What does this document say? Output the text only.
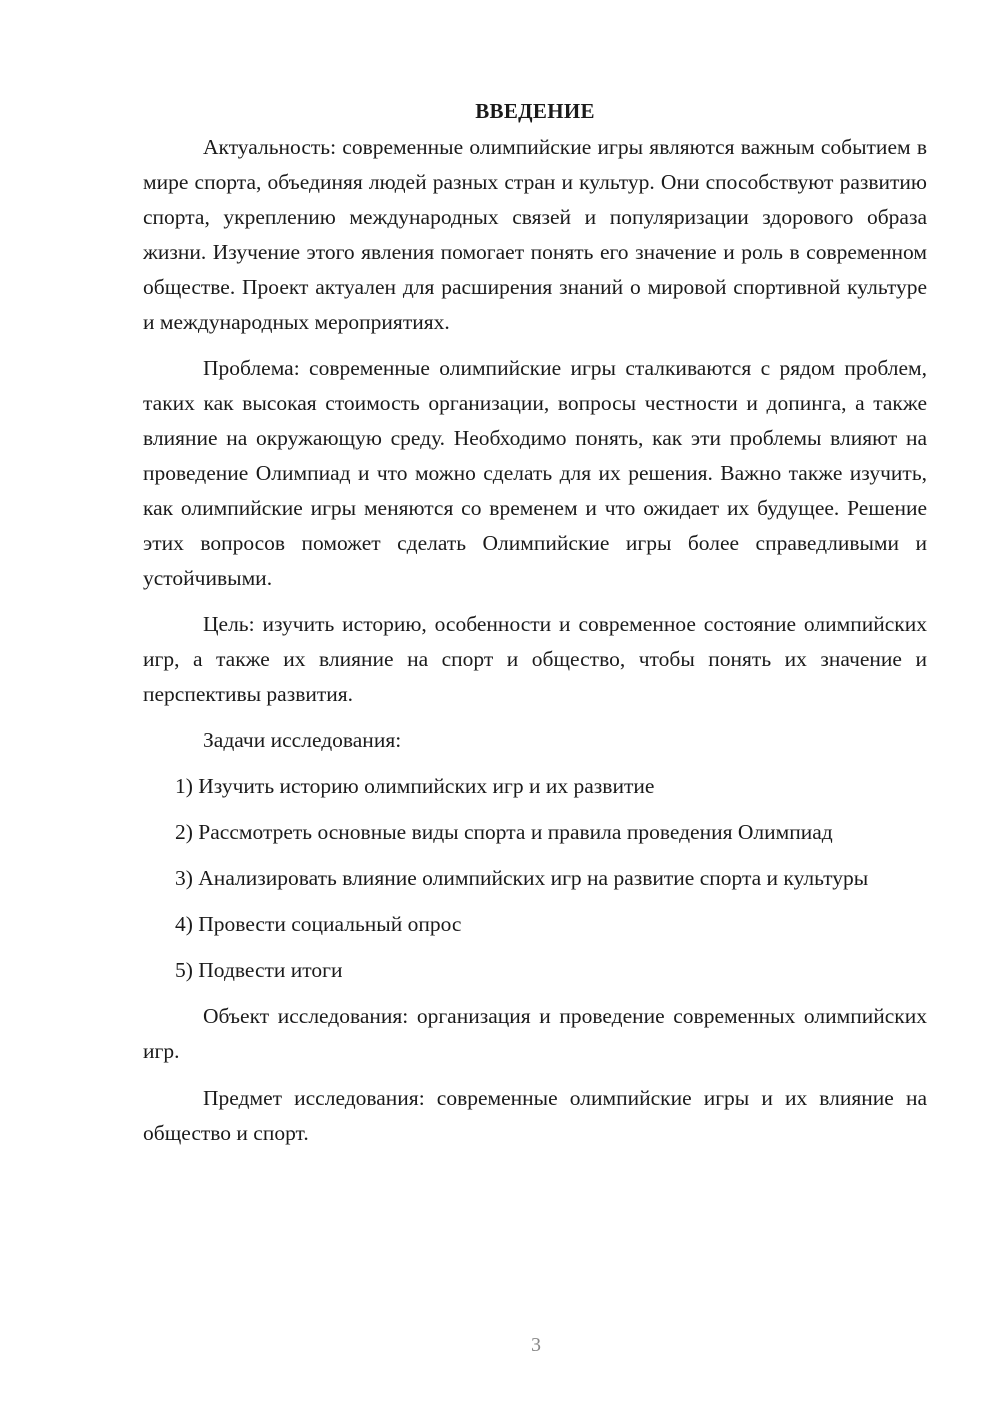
ВВЕДЕНИЕ

Актуальность: современные олимпийские игры являются важным событием в мире спорта, объединяя людей разных стран и культур. Они способствуют развитию спорта, укреплению международных связей и популяризации здорового образа жизни. Изучение этого явления помогает понять его значение и роль в современном обществе. Проект актуален для расширения знаний о мировой спортивной культуре и международных мероприятиях.

Проблема: современные олимпийские игры сталкиваются с рядом проблем, таких как высокая стоимость организации, вопросы честности и допинга, а также влияние на окружающую среду. Необходимо понять, как эти проблемы влияют на проведение Олимпиад и что можно сделать для их решения. Важно также изучить, как олимпийские игры меняются со временем и что ожидает их будущее. Решение этих вопросов поможет сделать Олимпийские игры более справедливыми и устойчивыми.

Цель: изучить историю, особенности и современное состояние олимпийских игр, а также их влияние на спорт и общество, чтобы понять их значение и перспективы развития.

Задачи исследования:

1) Изучить историю олимпийских игр и их развитие

2) Рассмотреть основные виды спорта и правила проведения Олимпиад

3) Анализировать влияние олимпийских игр на развитие спорта и культуры

4) Провести социальный опрос

5) Подвести итоги

Объект исследования: организация и проведение современных олимпийских игр.

Предмет исследования: современные олимпийские игры и их влияние на общество и спорт.

3
